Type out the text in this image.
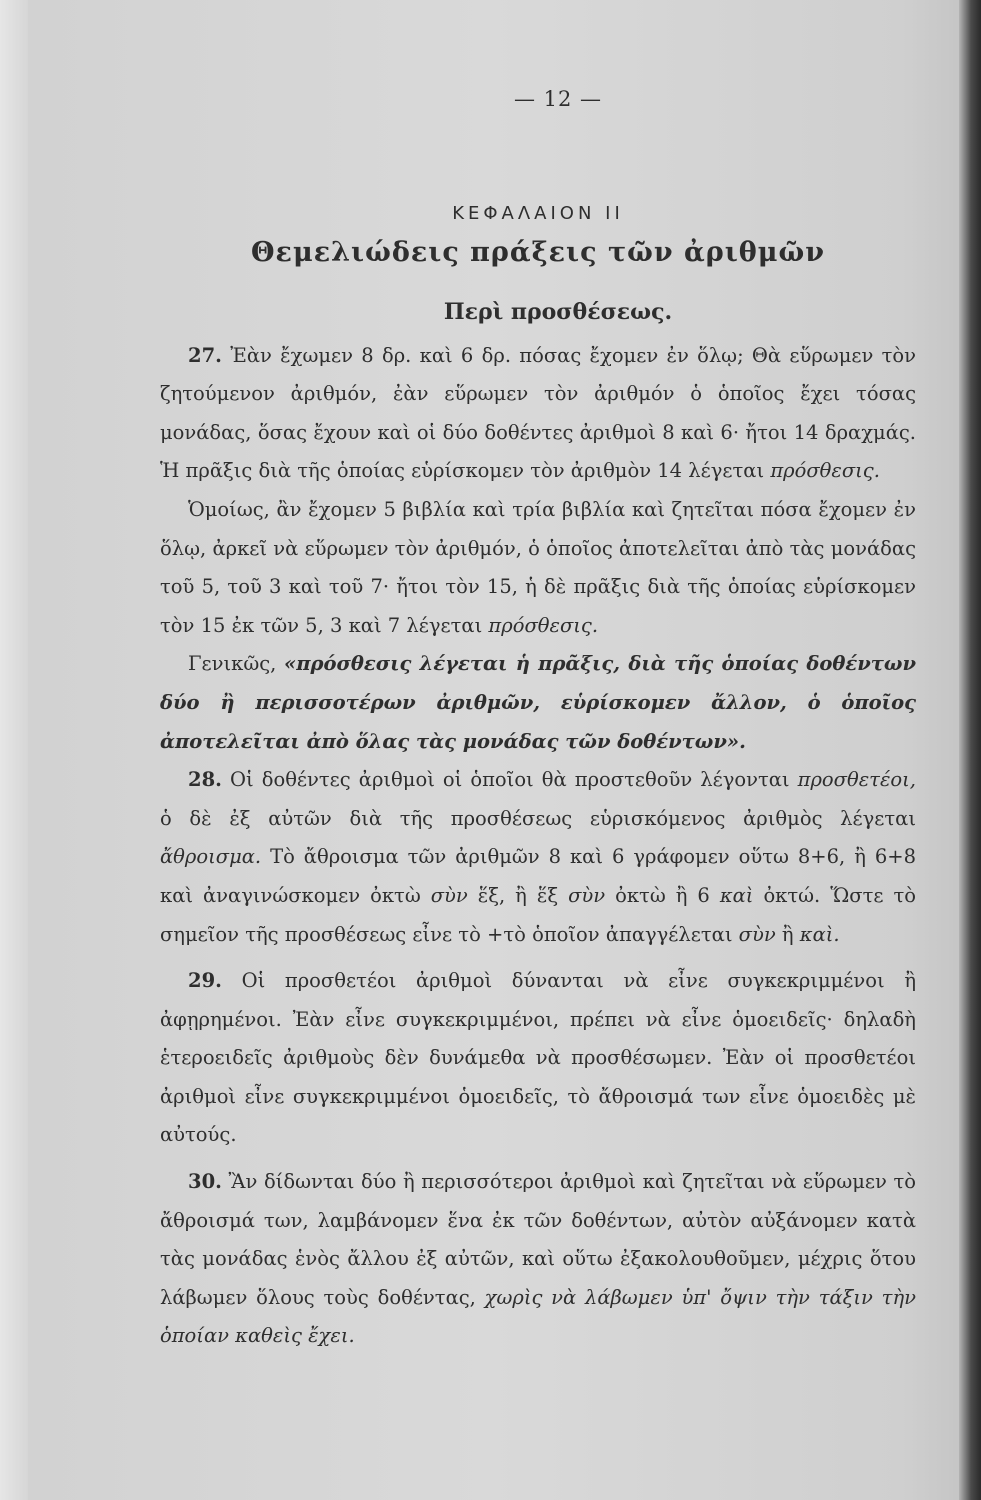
— 12 —
ΚΕΦΑΛΑΙΟΝ ΙΙ
Θεμελιώδεις πράξεις τῶν ἀριθμῶν
Περὶ προσθέσεως.

27. Ἐὰν ἔχωμεν 8 δρ. καὶ 6 δρ. πόσας ἔχομεν ἐν ὅλῳ; Θὰ εὕρωμεν τὸν ζητούμενον ἀριθμόν, ἐὰν εὕρωμεν τὸν ἀριθμόν ὁ ὁποῖος ἔχει τόσας μονάδας, ὅσας ἔχουν καὶ οἱ δύο δοθέντες ἀριθμοὶ 8 καὶ 6· ἤτοι 14 δραχμάς. Ἡ πρᾶξις διὰ τῆς ὁποίας εὑρίσκομεν τὸν ἀριθμὸν 14 λέγεται πρόσθεσις.

Ὁμοίως, ἂν ἔχομεν 5 βιβλία καὶ τρία βιβλία καὶ ζητεῖται πόσα ἔχομεν ἐν ὅλῳ, ἀρκεῖ νὰ εὕρωμεν τὸν ἀριθμόν, ὁ ὁποῖος ἀποτελεῖται ἀπὸ τὰς μονάδας τοῦ 5, τοῦ 3 καὶ τοῦ 7· ἤτοι τὸν 15, ἡ δὲ πρᾶξις διὰ τῆς ὁποίας εὑρίσκομεν τὸν 15 ἐκ τῶν 5, 3 καὶ 7 λέγεται πρόσθεσις.

Γενικῶς, «πρόσθεσις λέγεται ἡ πρᾶξις, διὰ τῆς ὁποίας δοθέντων δύο ἢ περισσοτέρων ἀριθμῶν, εὑρίσκομεν ἄλλον, ὁ ὁποῖος ἀποτελεῖται ἀπὸ ὅλας τὰς μονάδας τῶν δοθέντων».

28. Οἱ δοθέντες ἀριθμοὶ οἱ ὁποῖοι θὰ προστεθοῦν λέγονται προσθετέοι, ὁ δὲ ἐξ αὐτῶν διὰ τῆς προσθέσεως εὑρισκόμενος ἀριθμὸς λέγεται ἄθροισμα. Τὸ ἄθροισμα τῶν ἀριθμῶν 8 καὶ 6 γράφομεν οὕτω 8+6, ἢ 6+8 καὶ ἀναγινώσκομεν ὀκτὼ σὺν ἕξ, ἢ ἕξ σὺν ὀκτὼ ἢ 6 καὶ ὀκτώ. Ὥστε τὸ σημεῖον τῆς προσθέσεως εἶνε τὸ +τὸ ὁποῖον ἀπαγγέλεται σὺν ἢ καὶ.

29. Οἱ προσθετέοι ἀριθμοὶ δύνανται νὰ εἶνε συγκεκριμμένοι ἢ ἀφῃρημένοι. Ἐὰν εἶνε συγκεκριμμένοι, πρέπει νὰ εἶνε ὁμοειδεῖς· δηλαδὴ ἑτεροειδεῖς ἀριθμοὺς δὲν δυνάμεθα νὰ προσθέσωμεν. Ἐὰν οἱ προσθετέοι ἀριθμοὶ εἶνε συγκεκριμμένοι ὁμοειδεῖς, τὸ ἄθροισμά των εἶνε ὁμοειδὲς μὲ αὐτούς.

30. Ἂν δίδωνται δύο ἢ περισσότεροι ἀριθμοὶ καὶ ζητεῖται νὰ εὕρωμεν τὸ ἄθροισμά των, λαμβάνομεν ἕνα ἐκ τῶν δοθέντων, αὐτὸν αὐξάνομεν κατὰ τὰς μονάδας ἑνὸς ἄλλου ἐξ αὐτῶν, καὶ οὕτω ἐξακολουθοῦμεν, μέχρις ὅτου λάβωμεν ὅλους τοὺς δοθέντας, χωρὶς νὰ λάβωμεν ὑπ' ὄψιν τὴν τάξιν τὴν ὁποίαν καθεὶς ἔχει.
